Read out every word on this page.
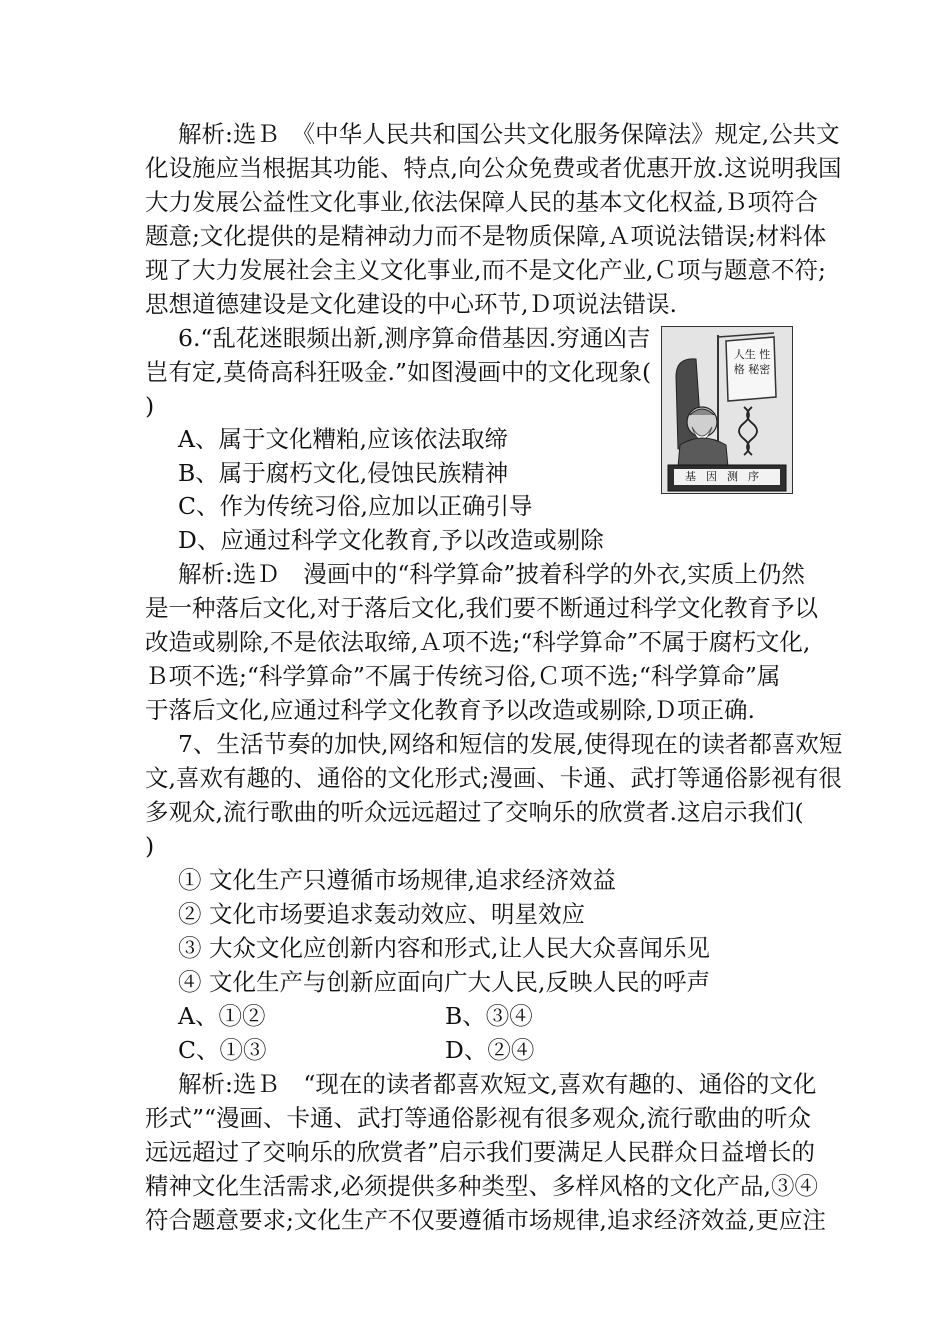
解析:选Ｂ　《中华人民共和国公共文化服务保障法》规定,公共文
化设施应当根据其功能、特点,向公众免费或者优惠开放.这说明我国
大力发展公益性文化事业,依法保障人民的基本文化权益,Ｂ项符合
题意;文化提供的是精神动力而不是物质保障,Ａ项说法错误;材料体
现了大力发展社会主义文化事业,而不是文化产业,Ｃ项与题意不符;
思想道德建设是文化建设的中心环节,Ｄ项说法错误.
6.“乱花迷眼频出新,测序算命借基因.穷通凶吉
岂有定,莫倚高科狂吸金.”如图漫画中的文化现象(
)
A、属于文化糟粕,应该依法取缔
B、属于腐朽文化,侵蚀民族精神
C、作为传统习俗,应加以正确引导
D、应通过科学文化教育,予以改造或剔除
人生 性格 秘密
基因测序
解析:选Ｄ　漫画中的“科学算命”披着科学的外衣,实质上仍然
是一种落后文化,对于落后文化,我们要不断通过科学文化教育予以
改造或剔除,不是依法取缔,Ａ项不选;“科学算命”不属于腐朽文化,
Ｂ项不选;“科学算命”不属于传统习俗,Ｃ项不选;“科学算命”属
于落后文化,应通过科学文化教育予以改造或剔除,Ｄ项正确.
7、生活节奏的加快,网络和短信的发展,使得现在的读者都喜欢短
文,喜欢有趣的、通俗的文化形式;漫画、卡通、武打等通俗影视有很
多观众,流行歌曲的听众远远超过了交响乐的欣赏者.这启示我们(
)
① 文化生产只遵循市场规律,追求经济效益
② 文化市场要追求轰动效应、明星效应
③ 大众文化应创新内容和形式,让人民大众喜闻乐见
④ 文化生产与创新应面向广大人民,反映人民的呼声
A、①②	B、③④
C、①③	D、②④
解析:选Ｂ　“现在的读者都喜欢短文,喜欢有趣的、通俗的文化
形式”“漫画、卡通、武打等通俗影视有很多观众,流行歌曲的听众
远远超过了交响乐的欣赏者”启示我们要满足人民群众日益增长的
精神文化生活需求,必须提供多种类型、多样风格的文化产品,③④
符合题意要求;文化生产不仅要遵循市场规律,追求经济效益,更应注
